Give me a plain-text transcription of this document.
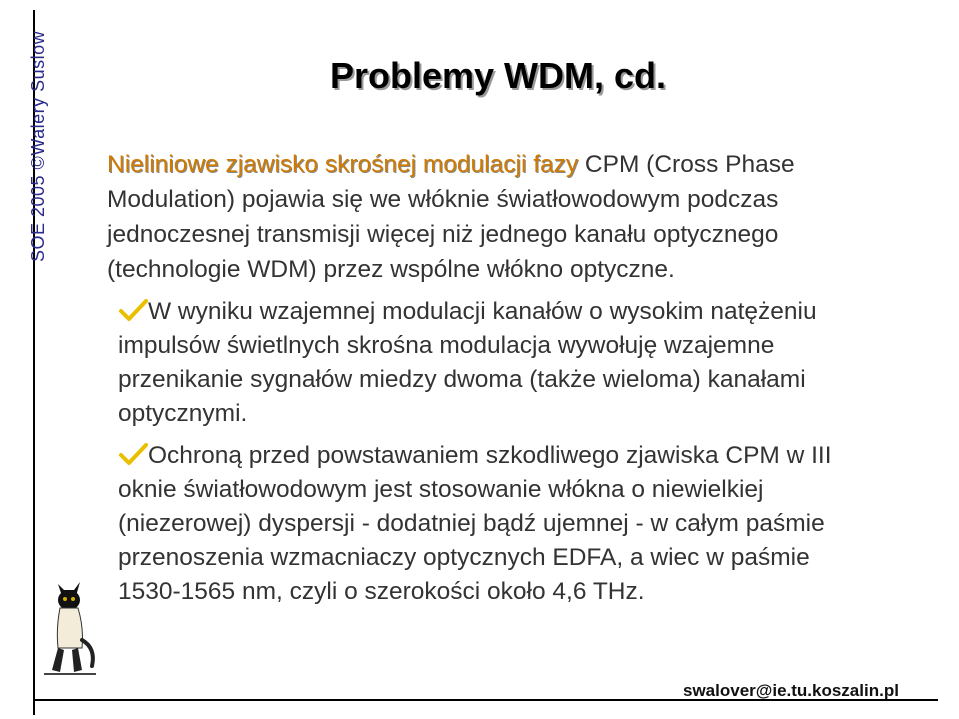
SOE 2005 ©Walery Suslow	Problemy WDM, cd.

Nieliniowe zjawisko skrośnej modulacji fazy CPM (Cross Phase
Modulation) pojawia się we włóknie światłowodowym podczas
jednoczesnej transmisji więcej niż jednego kanału optycznego
(technologie WDM) przez wspólne włókno optyczne.

W wyniku wzajemnej modulacji kanałów o wysokim natężeniu
impulsów świetlnych skrośna modulacja wywołuję wzajemne
przenikanie sygnałów miedzy dwoma (także wieloma) kanałami
optycznymi.

Ochroną przed powstawaniem szkodliwego zjawiska CPM w III
oknie światłowodowym jest stosowanie włókna o niewielkiej
(niezerowej) dyspersji - dodatniej bądź ujemnej - w całym paśmie
przenoszenia wzmacniaczy optycznych EDFA, a wiec w paśmie
1530-1565 nm, czyli o szerokości około 4,6 THz.

swalover@ie.tu.koszalin.pl
